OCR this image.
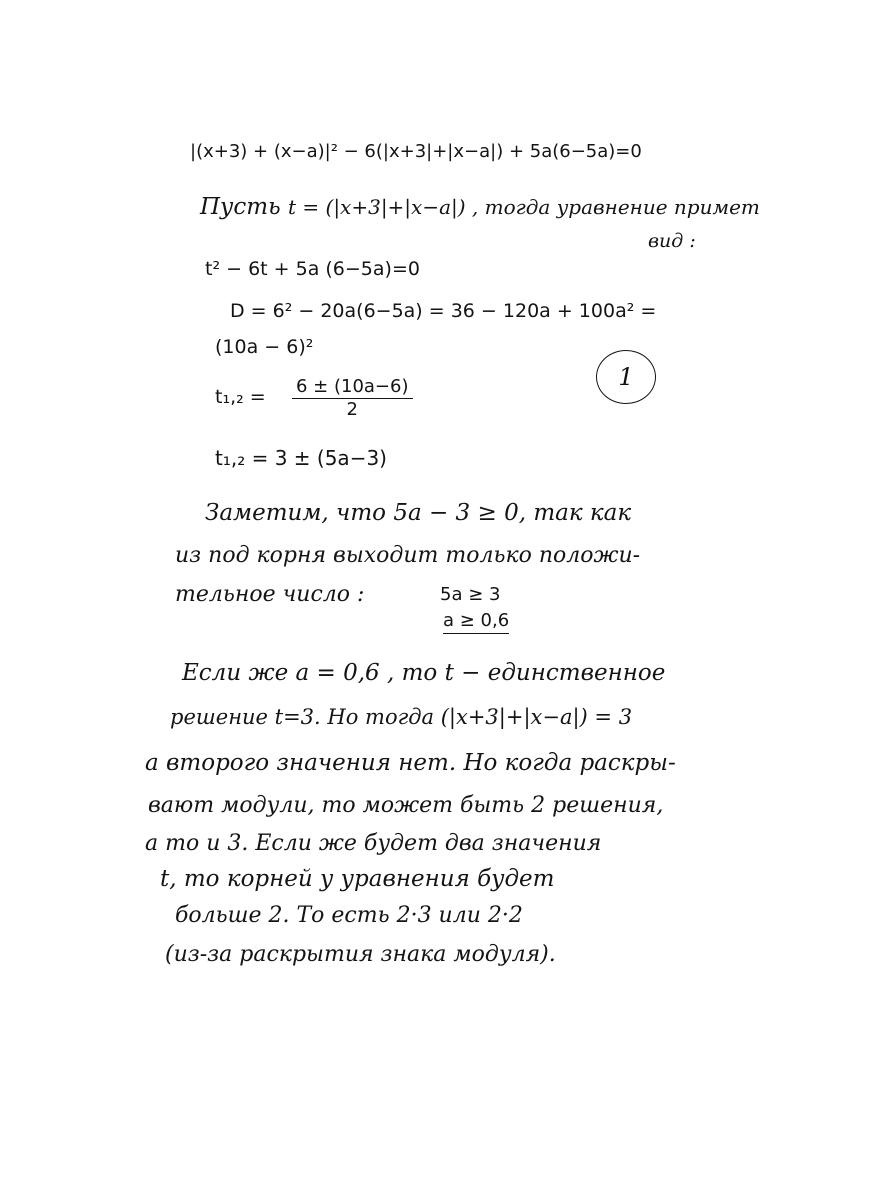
|(x+3) + (x−a)|² − 6(|x+3|+|x−a|) + 5a(6−5a)=0
Пусть t = (|x+3|+|x−a|) , тогда уравнение примет
вид :
t² − 6t + 5a (6−5a)=0
D = 6² − 20a(6−5a) = 36 − 120a + 100a² =
(10a − 6)²
$t_1,_2 = \frac{6 \pm (10a-6)}{2}$
1
t₁,₂ = 3 ± (5a−3)
Заметим, что 5a − 3 ≥ 0, так как
из под корня выходит только положи-
тельное число :	5a ≥ 3
a ≥ 0,6
Если же a = 0,6 , то t − единственное
решение t=3. Но тогда (|x+3|+|x−a|) = 3
а второго значения нет. Но когда раскры-
вают модули, то может быть 2 решения,
а то и 3. Если же будет два значения
t, то корней у уравнения будет
больше 2. То есть 2·3 или 2·2
(из-за раскрытия знака модуля).
